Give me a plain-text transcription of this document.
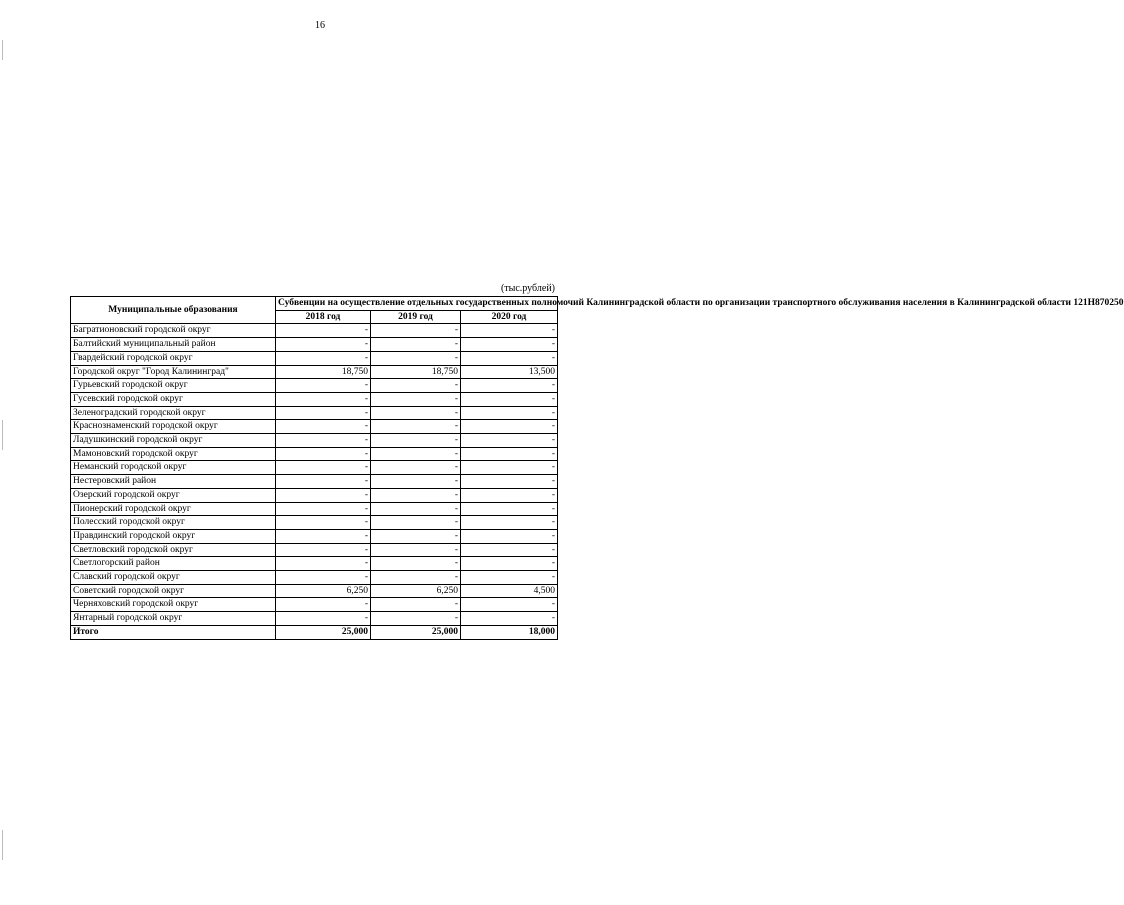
16
(тыс.рублей)
Муниципальные образования	Субвенции на осуществление отдельных государственных полномочий Калининградской области по организации транспортного обслуживания населения в Калининградской области 121Н870250		
	2018 год	2019 год	2020 год
Багратионовский городской округ	-	-	-
Балтийский муниципальный район	-	-	-
Гвардейский городской округ	-	-	-
Городской округ "Город Калининград"	18,750	18,750	13,500
Гурьевский городской округ	-	-	-
Гусевский городской округ	-	-	-
Зеленоградский городской округ	-	-	-
Краснознаменский городской округ	-	-	-
Ладушкинский городской округ	-	-	-
Мамоновский городской округ	-	-	-
Неманский городской округ	-	-	-
Нестеровский район	-	-	-
Озерский городской округ	-	-	-
Пионерский городской округ	-	-	-
Полесский городской округ	-	-	-
Правдинский городской округ	-	-	-
Светловский городской округ	-	-	-
Светлогорский район	-	-	-
Славский городской округ	-	-	-
Советский городской округ	6,250	6,250	4,500
Черняховский городской округ	-	-	-
Янтарный городской округ	-	-	-
Итого	25,000	25,000	18,000
